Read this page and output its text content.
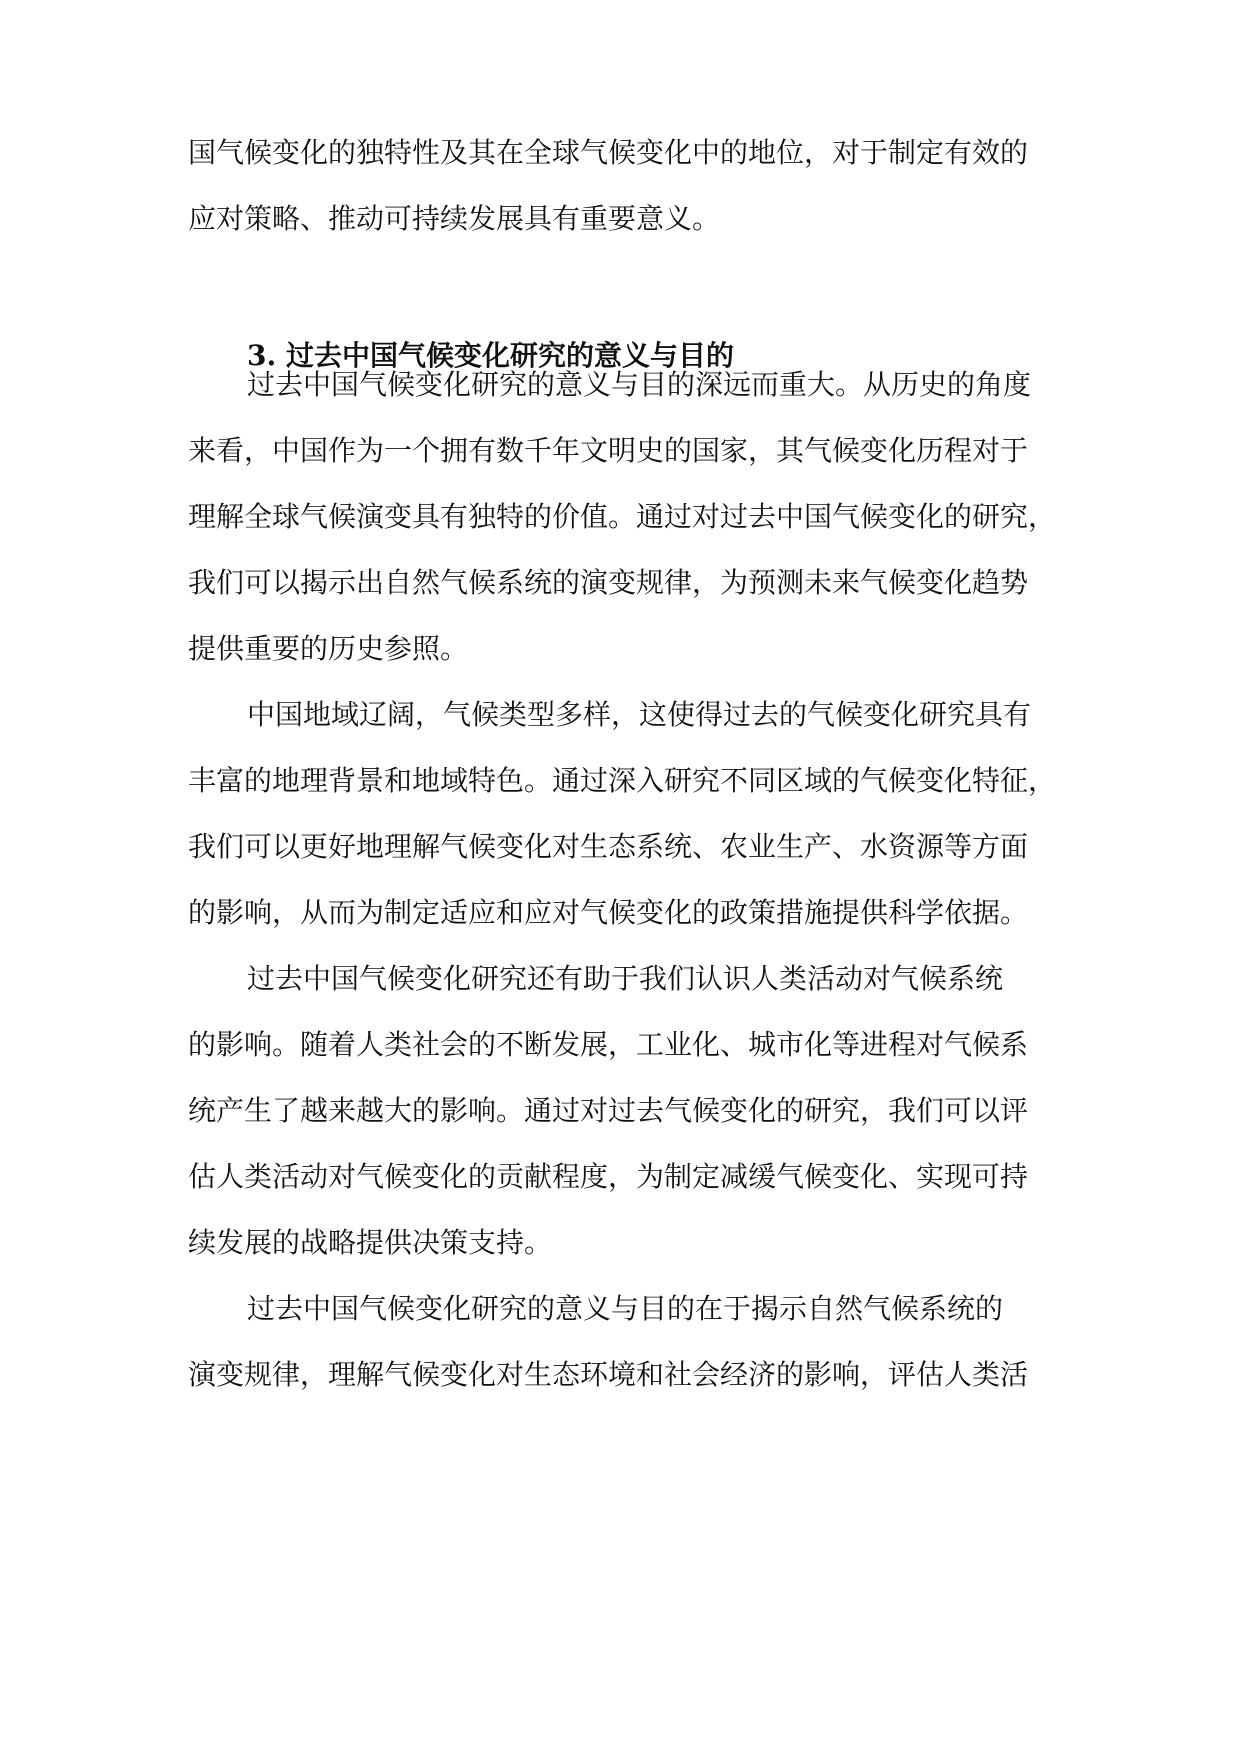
国气候变化的独特性及其在全球气候变化中的地位，对于制定有效的
应对策略、推动可持续发展具有重要意义。
3. 过去中国气候变化研究的意义与目的
过去中国气候变化研究的意义与目的深远而重大。从历史的角度
来看，中国作为一个拥有数千年文明史的国家，其气候变化历程对于
理解全球气候演变具有独特的价值。通过对过去中国气候变化的研究，
我们可以揭示出自然气候系统的演变规律，为预测未来气候变化趋势
提供重要的历史参照。
中国地域辽阔，气候类型多样，这使得过去的气候变化研究具有
丰富的地理背景和地域特色。通过深入研究不同区域的气候变化特征，
我们可以更好地理解气候变化对生态系统、农业生产、水资源等方面
的影响，从而为制定适应和应对气候变化的政策措施提供科学依据。
过去中国气候变化研究还有助于我们认识人类活动对气候系统
的影响。随着人类社会的不断发展，工业化、城市化等进程对气候系
统产生了越来越大的影响。通过对过去气候变化的研究，我们可以评
估人类活动对气候变化的贡献程度，为制定减缓气候变化、实现可持
续发展的战略提供决策支持。
过去中国气候变化研究的意义与目的在于揭示自然气候系统的
演变规律，理解气候变化对生态环境和社会经济的影响，评估人类活
